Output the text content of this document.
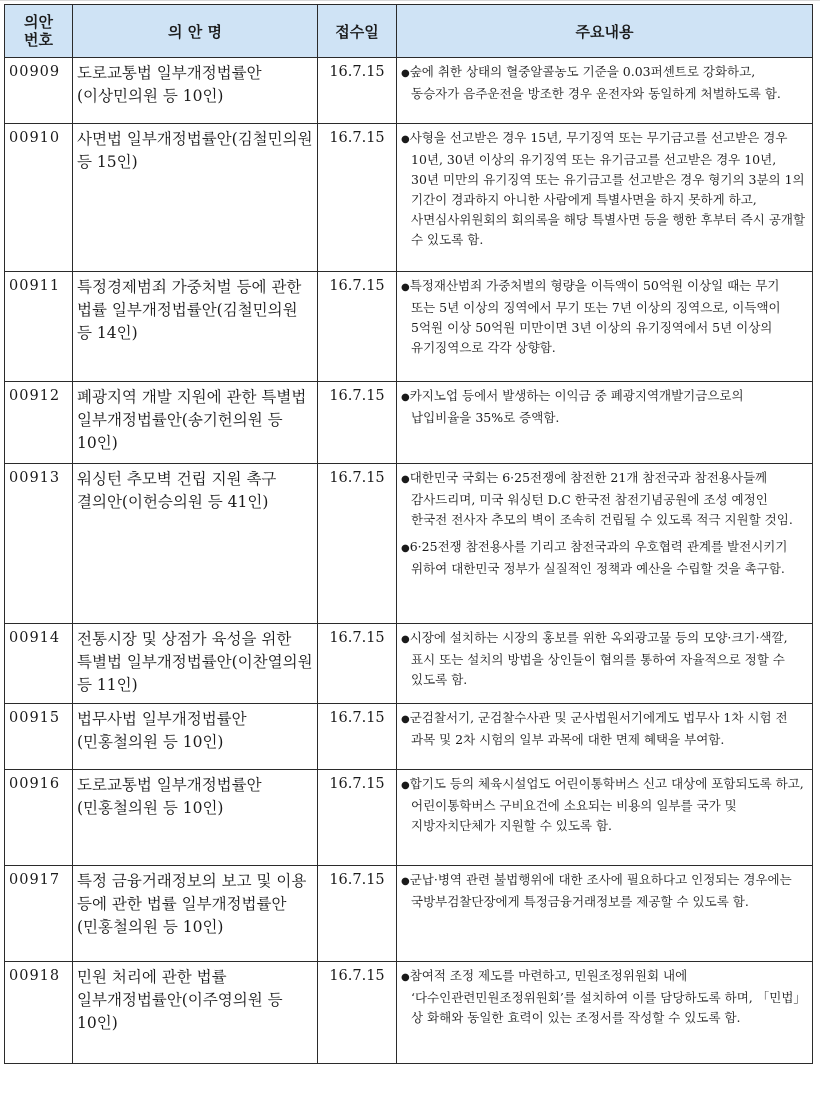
의안
번호	의 안 명	접수일	주요내용
00909	도로교통법 일부개정법률안(이상민의원 등 10인)	16.7.15	●숲에 취한 상태의 혈중알콜농도 기준을 0.03퍼센트로 강화하고, 동승자가 음주운전을 방조한 경우 운전자와 동일하게 처벌하도록 함.

00910	사면법 일부개정법률안(김철민의원 등 15인)	16.7.15	●사형을 선고받은 경우 15년, 무기징역 또는 무기금고를 선고받은 경우 10년, 30년 이상의 유기징역 또는 유기금고를 선고받은 경우 10년, 30년 미만의 유기징역 또는 유기금고를 선고받은 경우 형기의 3분의 1의 기간이 경과하지 아니한 사람에게 특별사면을 하지 못하게 하고, 사면심사위원회의 회의록을 해당 특별사면 등을 행한 후부터 즉시 공개할 수 있도록 함.

00911	특정경제범죄 가중처벌 등에 관한 법률 일부개정법률안(김철민의원 등 14인)	16.7.15	●특정재산범죄 가중처벌의 형량을 이득액이 50억원 이상일 때는 무기 또는 5년 이상의 징역에서 무기 또는 7년 이상의 징역으로, 이득액이 5억원 이상 50억원 미만이면 3년 이상의 유기징역에서 5년 이상의 유기징역으로 각각 상향함.

00912	폐광지역 개발 지원에 관한 특별법 일부개정법률안(송기헌의원 등 10인)	16.7.15	●카지노업 등에서 발생하는 이익금 중 폐광지역개발기금으로의 납입비율을 35%로 증액함.

00913	워싱턴 추모벽 건립 지원 촉구 결의안(이헌승의원 등 41인)	16.7.15	●대한민국 국회는 6·25전쟁에 참전한 21개 참전국과 참전용사들께 감사드리며, 미국 워싱턴 D.C 한국전 참전기념공원에 조성 예정인 한국전 전사자 추모의 벽이 조속히 건립될 수 있도록 적극 지원할 것임.
●6·25전쟁 참전용사를 기리고 참전국과의 우호협력 관계를 발전시키기 위하여 대한민국 정부가 실질적인 정책과 예산을 수립할 것을 촉구함.

00914	전통시장 및 상점가 육성을 위한 특별법 일부개정법률안(이찬열의원 등 11인)	16.7.15	●시장에 설치하는 시장의 홍보를 위한 옥외광고물 등의 모양·크기·색깔, 표시 또는 설치의 방법을 상인들이 협의를 통하여 자율적으로 정할 수 있도록 함.

00915	법무사법 일부개정법률안(민홍철의원 등 10인)	16.7.15	●군검찰서기, 군검찰수사관 및 군사법원서기에게도 법무사 1차 시험 전 과목 및 2차 시험의 일부 과목에 대한 면제 혜택을 부여함.

00916	도로교통법 일부개정법률안(민홍철의원 등 10인)	16.7.15	●합기도 등의 체육시설업도 어린이통학버스 신고 대상에 포함되도록 하고, 어린이통학버스 구비요건에 소요되는 비용의 일부를 국가 및 지방자치단체가 지원할 수 있도록 함.

00917	특정 금융거래정보의 보고 및 이용 등에 관한 법률 일부개정법률안(민홍철의원 등 10인)	16.7.15	●군납·병역 관련 불법행위에 대한 조사에 필요하다고 인정되는 경우에는 국방부검찰단장에게 특정금융거래정보를 제공할 수 있도록 함.

00918	민원 처리에 관한 법률 일부개정법률안(이주영의원 등 10인)	16.7.15	●참여적 조정 제도를 마련하고, 민원조정위원회 내에 ‘다수인관련민원조정위원회’를 설치하여 이를 담당하도록 하며, 「민법」 상 화해와 동일한 효력이 있는 조정서를 작성할 수 있도록 함.
